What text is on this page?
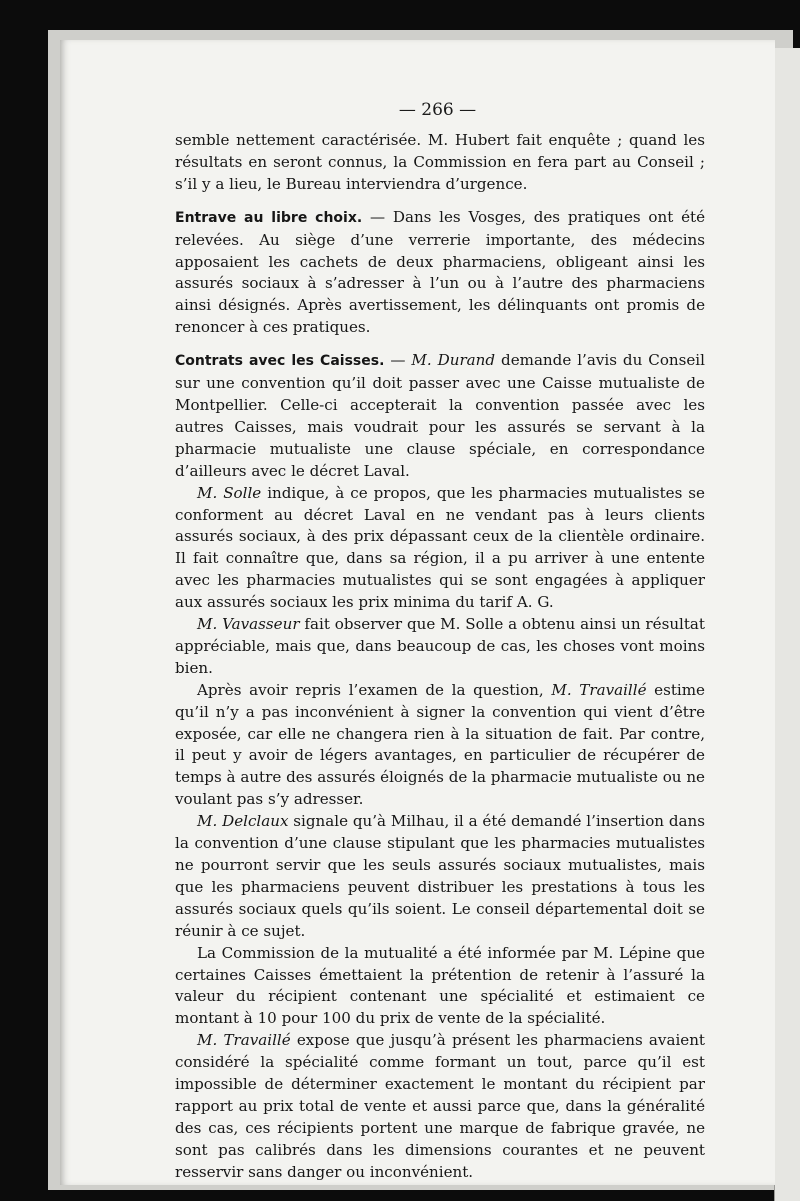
— 266 —

semble nettement caractérisée. M. Hubert fait enquête ; quand les résultats en seront connus, la Commission en fera part au Conseil ; s’il y a lieu, le Bureau interviendra d’urgence.

Entrave au libre choix. — Dans les Vosges, des pratiques ont été relevées. Au siège d’une verrerie importante, des médecins apposaient les cachets de deux pharmaciens, obligeant ainsi les assurés sociaux à s’adresser à l’un ou à l’autre des pharmaciens ainsi désignés. Après avertissement, les délinquants ont promis de renoncer à ces pratiques.

Contrats avec les Caisses. — M. Durand demande l’avis du Conseil sur une convention qu’il doit passer avec une Caisse mutualiste de Montpellier. Celle-ci accepterait la convention passée avec les autres Caisses, mais voudrait pour les assurés se servant à la pharmacie mutualiste une clause spéciale, en correspondance d’ailleurs avec le décret Laval.

M. Solle indique, à ce propos, que les pharmacies mutualistes se conforment au décret Laval en ne vendant pas à leurs clients assurés sociaux, à des prix dépassant ceux de la clientèle ordinaire. Il fait connaître que, dans sa région, il a pu arriver à une entente avec les pharmacies mutualistes qui se sont engagées à appliquer aux assurés sociaux les prix minima du tarif A. G.

M. Vavasseur fait observer que M. Solle a obtenu ainsi un résultat appréciable, mais que, dans beaucoup de cas, les choses vont moins bien.

Après avoir repris l’examen de la question, M. Travaillé estime qu’il n’y a pas inconvénient à signer la convention qui vient d’être exposée, car elle ne changera rien à la situation de fait. Par contre, il peut y avoir de légers avantages, en particulier de récupérer de temps à autre des assurés éloignés de la pharmacie mutualiste ou ne voulant pas s’y adresser.

M. Delclaux signale qu’à Milhau, il a été demandé l’insertion dans la convention d’une clause stipulant que les pharmacies mutualistes ne pourront servir que les seuls assurés sociaux mutualistes, mais que les pharmaciens peuvent distribuer les prestations à tous les assurés sociaux quels qu’ils soient. Le conseil départemental doit se réunir à ce sujet.

La Commission de la mutualité a été informée par M. Lépine que certaines Caisses émettaient la prétention de retenir à l’assuré la valeur du récipient contenant une spécialité et estimaient ce montant à 10 pour 100 du prix de vente de la spécialité.

M. Travaillé expose que jusqu’à présent les pharmaciens avaient considéré la spécialité comme formant un tout, parce qu’il est impossible de déterminer exactement le montant du récipient par rapport au prix total de vente et aussi parce que, dans la généralité des cas, ces récipients portent une marque de fabrique gravée, ne sont pas calibrés dans les dimensions courantes et ne peuvent resservir sans danger ou inconvénient.
